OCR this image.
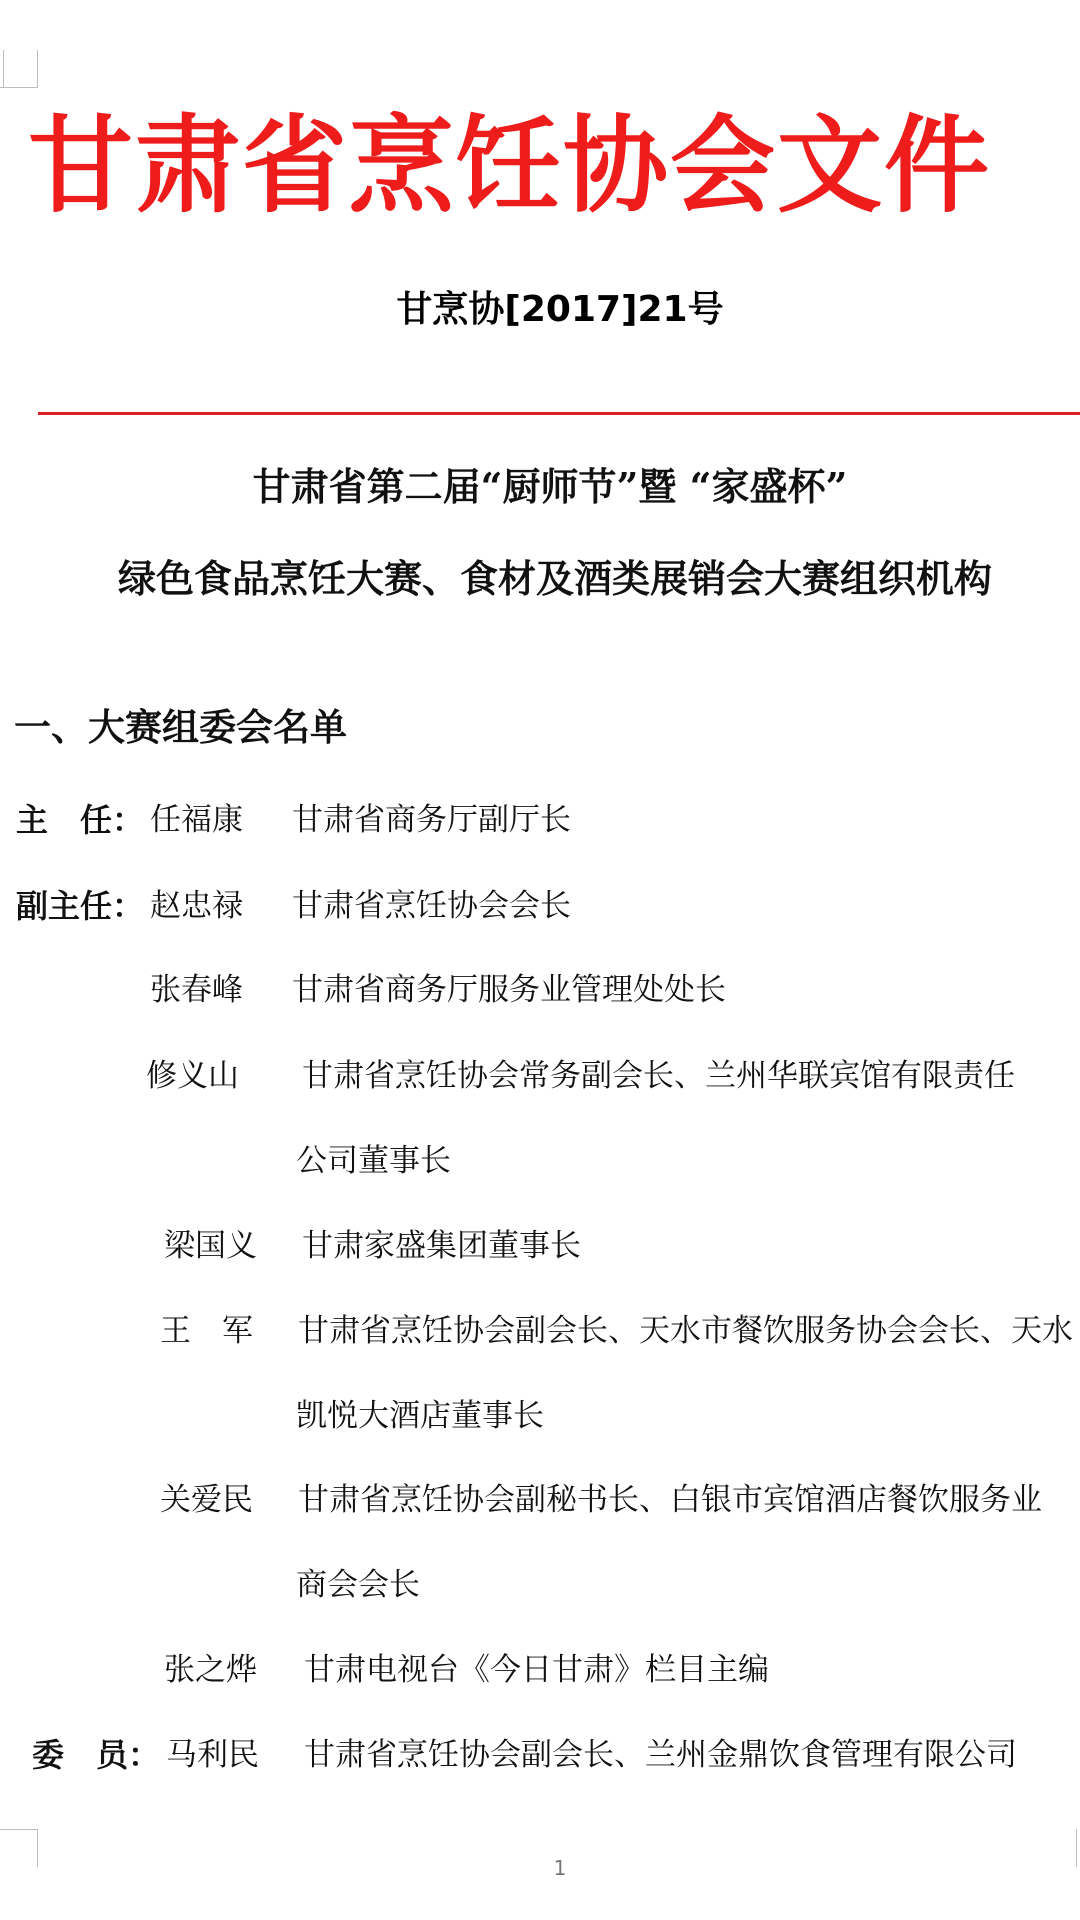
甘肃省烹饪协会文件
甘烹协[2017]21号
甘肃省第二届“厨师节”暨 “家盛杯”
绿色食品烹饪大赛、食材及酒类展销会大赛组织机构
一、大赛组委会名单
主　任： 任福康 甘肃省商务厅副厅长
副主任： 赵忠禄 甘肃省烹饪协会会长
张春峰 甘肃省商务厅服务业管理处处长
修义山 甘肃省烹饪协会常务副会长、兰州华联宾馆有限责任
公司董事长
梁国义 甘肃家盛集团董事长
王　军 甘肃省烹饪协会副会长、天水市餐饮服务协会会长、天水
凯悦大酒店董事长
关爱民 甘肃省烹饪协会副秘书长、白银市宾馆酒店餐饮服务业
商会会长
张之烨 甘肃电视台《今日甘肃》栏目主编
委　员： 马利民 甘肃省烹饪协会副会长、兰州金鼎饮食管理有限公司
1
